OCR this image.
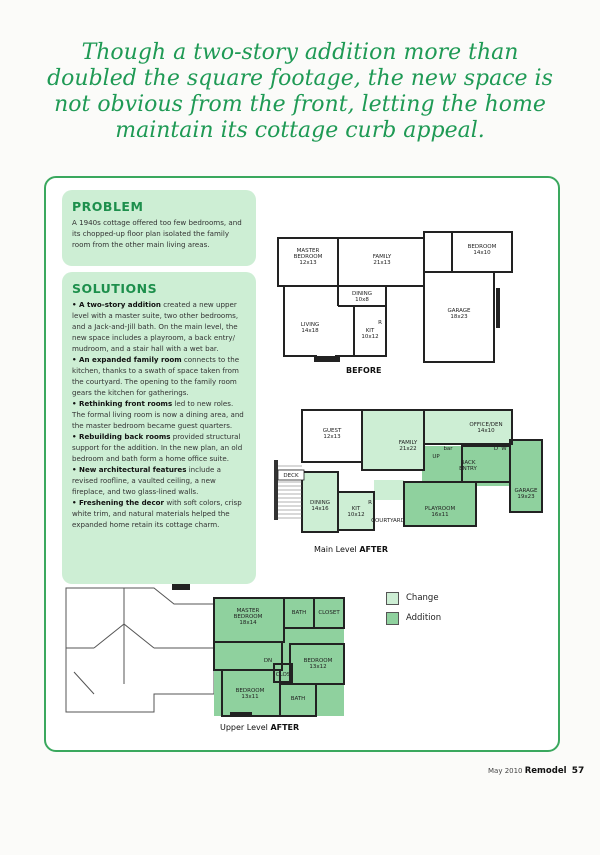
Though a two-story addition more than
doubled the square footage, the new space is
not obvious from the front, letting the home
maintain its cottage curb appeal.
PROBLEM
A 1940s cottage offered too few bedrooms, and its chopped-up floor plan isolated the family room from the other main living areas.
SOLUTIONS
• A two-story addition created a new upper level with a master suite, two other bedrooms, and a Jack-and-Jill bath. On the main level, the new space includes a playroom, a back entry/ mudroom, and a stair hall with a wet bar.
• An expanded family room connects to the kitchen, thanks to a swath of space taken from the courtyard. The opening to the family room gears the kitchen for gatherings.
• Rethinking front rooms led to new roles. The formal living room is now a dining area, and the master bedroom became guest quarters.
• Rebuilding back rooms provided structural support for the addition. In the new plan, an old bedroom and bath form a home office suite.
• New architectural features include a revised roofline, a vaulted ceiling, a new fireplace, and two glass-lined walls.
• Freshening the decor with soft colors, crisp white trim, and natural materials helped the expanded home retain its cottage charm.
MASTER BEDROOM 12x13
FAMILY 21x13
BEDROOM 14x10
DINING 10x8
GARAGE 18x23
LIVING 14x18	KIT 10x12
R
BEFORE
GUEST 12x13
FAMILY 21x22
OFFICE/DEN 14x10
bar
UP
BACK ENTRY
D W
DECK
GARAGE 19x23
DINING 14x16	KIT 10x12
R
COURTYARD
PLAYROOM 16x11
Main Level AFTER
MASTER BEDROOM 18x14
BATH CLOSET
DN
CLOS
BEDROOM 13x12
BEDROOM 13x11	BATH
Upper Level AFTER
Change
Addition
May 2010 Remodel 57
